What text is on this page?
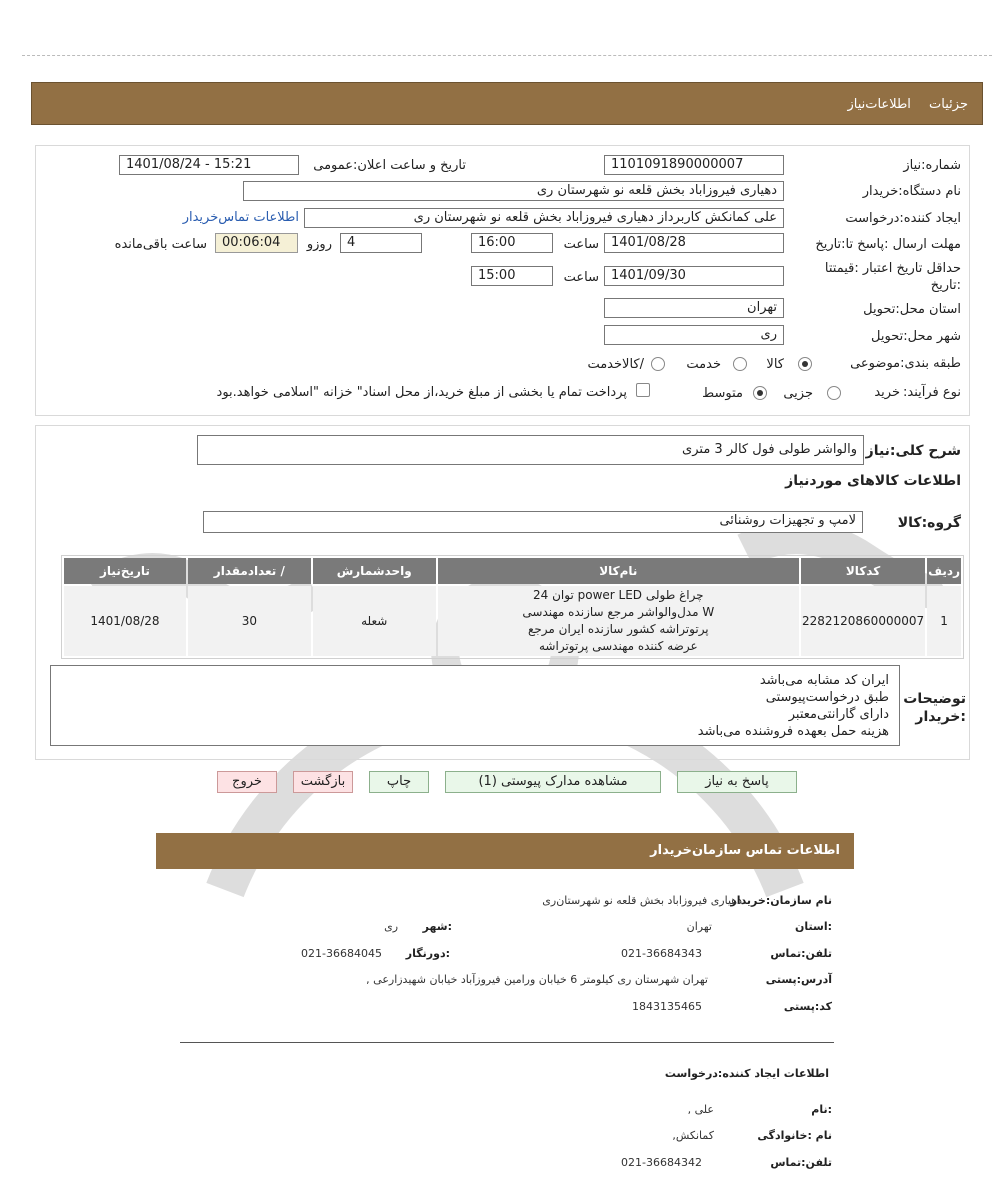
جزئیات اطلاعات‌نیاز
شماره:نیاز
1101091890000007
تاریخ و ساعت اعلان:عمومی
1401/08/24 - 15:21
نام دستگاه:خریدار
دهیاری فیروزاباد بخش قلعه نو شهرستان ری
ایجاد کننده:درخواست
علی کمانکش کاربرداز دهیاری فیروزاباد بخش قلعه نو شهرستان ری
اطلاعات تماس‌خریدار
مهلت ارسال :پاسخ تا:تاریخ
1401/08/28
ساعت
16:00
4
روزو
00:06:04
ساعت باقی‌مانده
حداقل تاریخ اعتبار :قیمتتا
:تاریخ
1401/09/30
ساعت
15:00
استان محل:تحویل
تهران
شهر محل:تحویل
ری
طبقه بندی:موضوعی
کالا
خدمت
/کالاخدمت
نوع فرآیند:
خرید
جزیی
متوسط
پرداخت تمام یا بخشی از مبلغ خرید،از محل اسناد" خزانه "اسلامی خواهد.بود
شرح کلی:نیاز
والواشر طولی فول کالر 3 متری
اطلاعات کالاهای موردنیاز
گروه:کالا
لامپ و تجهیزات روشنائی
ردیف	کدکالا	نام‌کالا	واحدشمارش	/ تعدادمقدار	تاریخ‌نیاز
1	2282120860000007	چراغ طولی power LED توان 24
W مدل‌والواشر مرجع سازنده مهندسی
پرتوتراشه کشور سازنده ایران مرجع
عرضه کننده مهندسی پرتوتراشه	شعله	30	1401/08/28
توضیحات
:خریدار
ایران کد مشابه می‌باشد
طبق درخواست‌پیوستی
دارای گارانتی‌معتبر
هزینه حمل بعهده فروشنده می‌باشد
پاسخ به نیاز
مشاهده مدارک پیوستی (1)
چاپ
بازگشت
خروج
اطلاعات تماس سازمان‌خریدار
نام سازمان:خریدار
دهیاری فیروزاباد بخش قلعه نو شهرستان‌ری
:استان
تهران
:شهر
ری
تلفن:تماس
021-36684343
:دورنگار
021-36684045
آدرس:پستی
تهران شهرستان ری کیلومتر 6 خیابان ورامین فیروزآباد خیابان شهیدزارعی ,
کد:پستی
1843135465
اطلاعات ایجاد کننده:درخواست
:نام
علی ,
نام :خانوادگی
کمانکش,
تلفن:تماس
021-36684342
